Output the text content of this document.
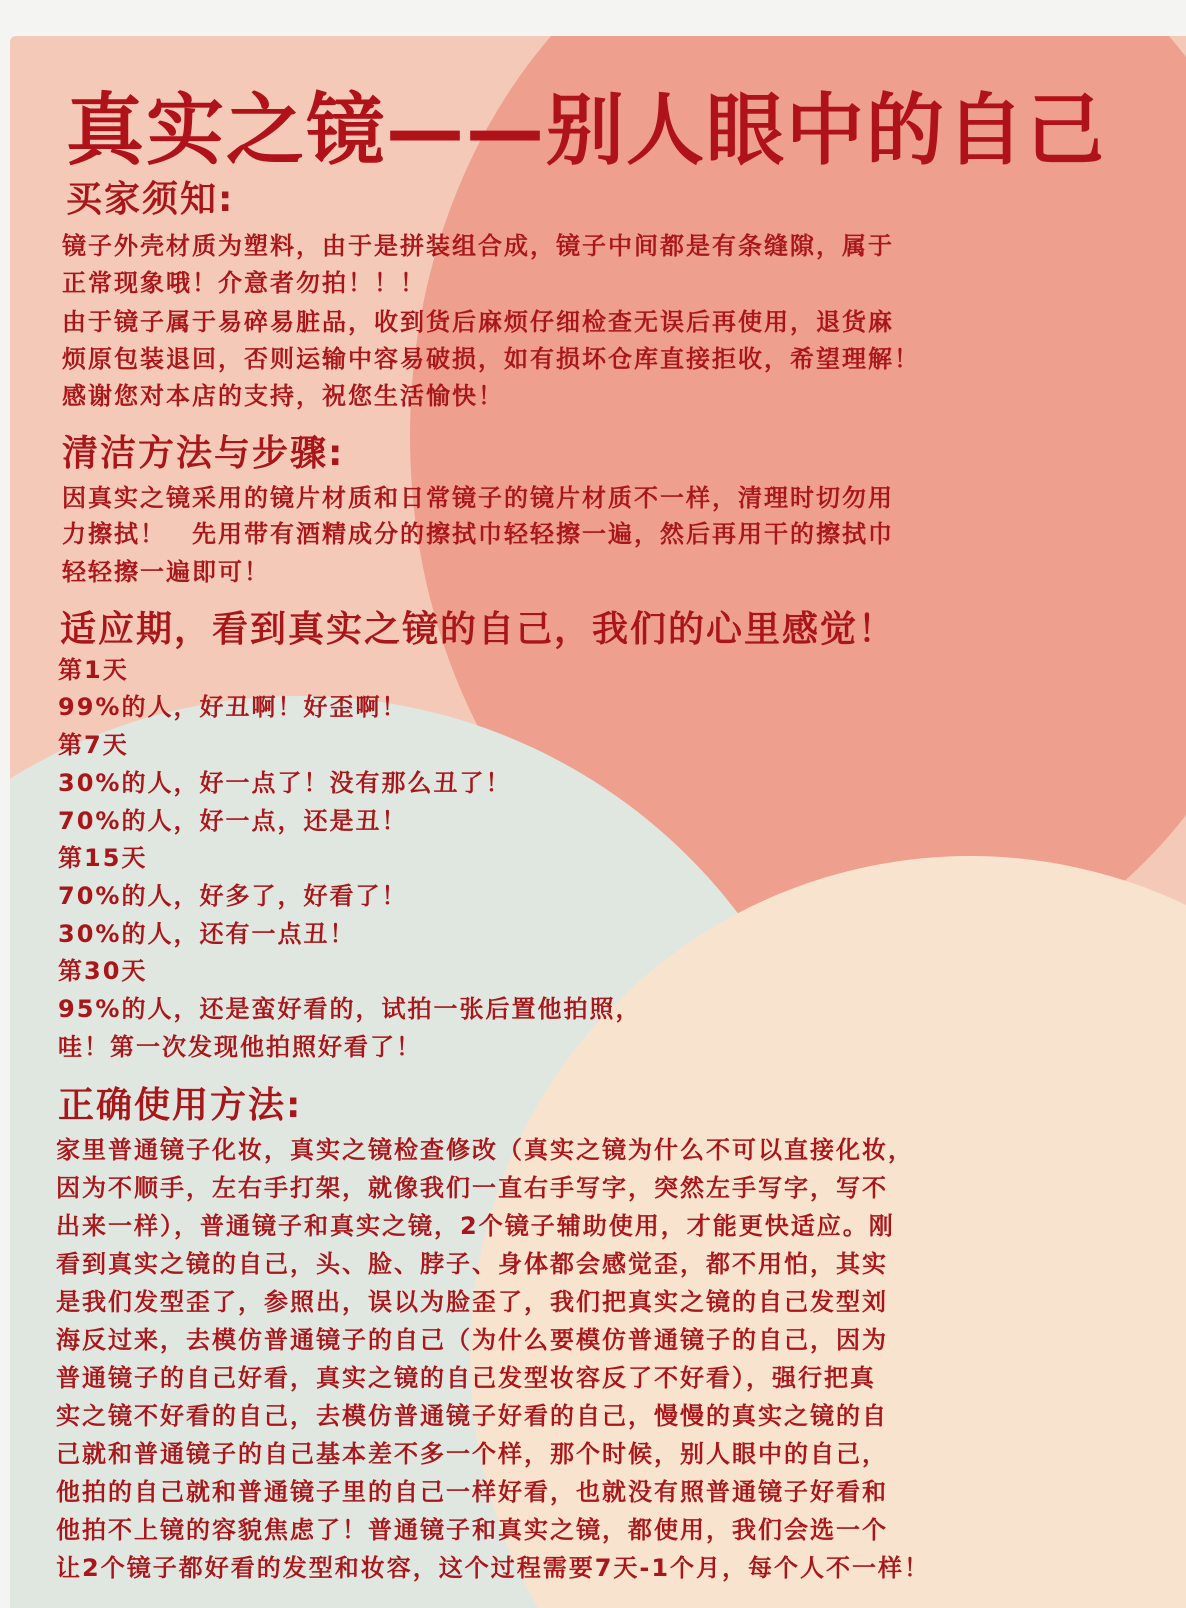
真实之镜——别人眼中的自己
买家须知:
镜子外壳材质为塑料，由于是拼装组合成，镜子中间都是有条缝隙，属于
正常现象哦！介意者勿拍！！！
由于镜子属于易碎易脏品，收到货后麻烦仔细检查无误后再使用，退货麻
烦原包装退回，否则运输中容易破损，如有损坏仓库直接拒收，希望理解！
感谢您对本店的支持，祝您生活愉快！
清洁方法与步骤:
因真实之镜采用的镜片材质和日常镜子的镜片材质不一样，清理时切勿用
力擦拭！　先用带有酒精成分的擦拭巾轻轻擦一遍，然后再用干的擦拭巾
轻轻擦一遍即可！
适应期，看到真实之镜的自己，我们的心里感觉！
第1天
99%的人，好丑啊！好歪啊！
第7天
30%的人，好一点了！没有那么丑了！
70%的人，好一点，还是丑！
第15天
70%的人，好多了，好看了！
30%的人，还有一点丑！
第30天
95%的人，还是蛮好看的，试拍一张后置他拍照，
哇！第一次发现他拍照好看了！
正确使用方法:
家里普通镜子化妆，真实之镜检查修改（真实之镜为什么不可以直接化妆，
因为不顺手，左右手打架，就像我们一直右手写字，突然左手写字，写不
出来一样），普通镜子和真实之镜，2个镜子辅助使用，才能更快适应。刚
看到真实之镜的自己，头、脸、脖子、身体都会感觉歪，都不用怕，其实
是我们发型歪了，参照出，误以为脸歪了，我们把真实之镜的自己发型刘
海反过来，去模仿普通镜子的自己（为什么要模仿普通镜子的自己，因为
普通镜子的自己好看，真实之镜的自己发型妆容反了不好看），强行把真
实之镜不好看的自己，去模仿普通镜子好看的自己，慢慢的真实之镜的自
己就和普通镜子的自己基本差不多一个样，那个时候，别人眼中的自己，
他拍的自己就和普通镜子里的自己一样好看，也就没有照普通镜子好看和
他拍不上镜的容貌焦虑了！普通镜子和真实之镜，都使用，我们会选一个
让2个镜子都好看的发型和妆容，这个过程需要7天-1个月，每个人不一样！
